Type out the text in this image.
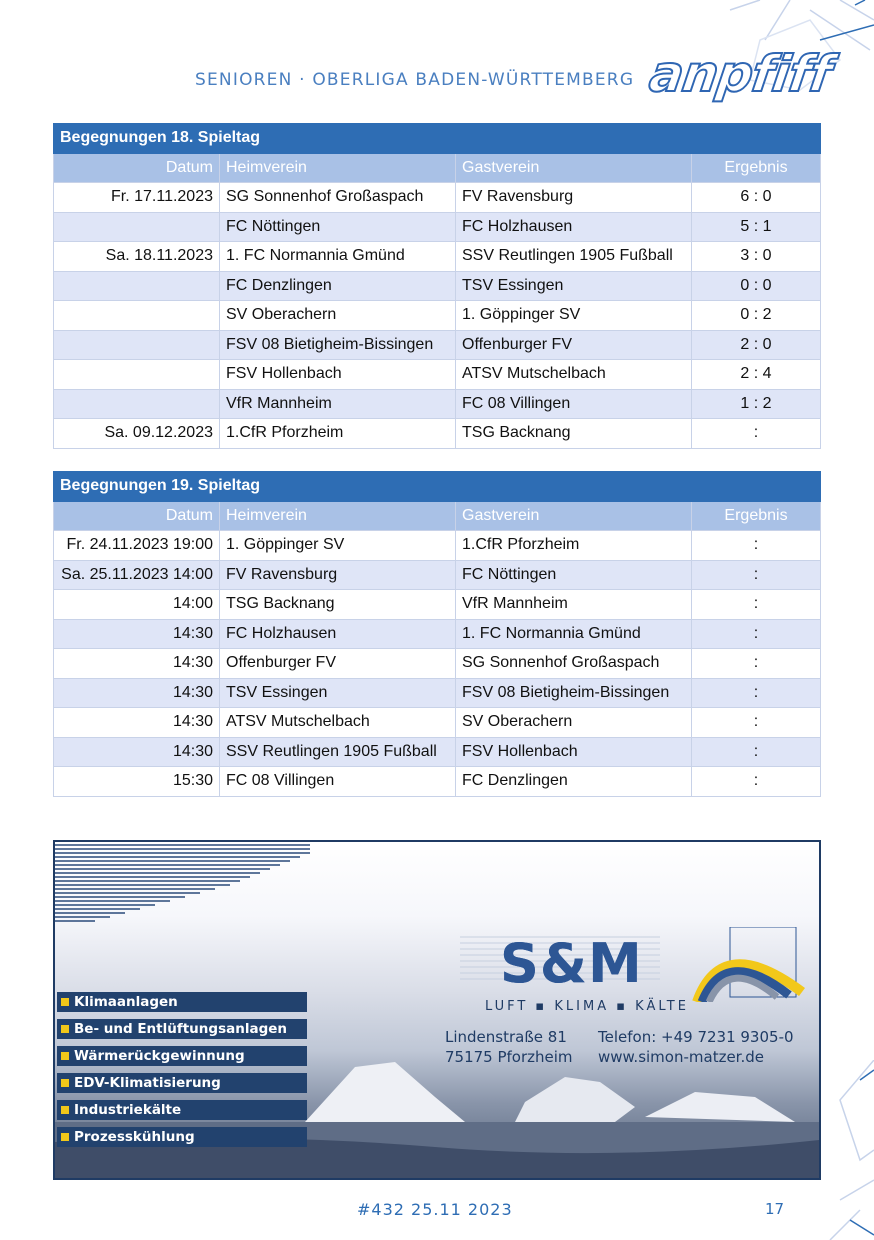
SENIOREN · OBERLIGA BADEN-WÜRTTEMBERG anpfiff
Begegnungen 18. Spieltag			
Datum	Heimverein	Gastverein	Ergebnis
Fr. 17.11.2023	SG Sonnenhof Großaspach	FV Ravensburg	6 : 0
	FC Nöttingen	FC Holzhausen	5 : 1
Sa. 18.11.2023	1. FC Normannia Gmünd	SSV Reutlingen 1905 Fußball	3 : 0
	FC Denzlingen	TSV Essingen	0 : 0
	SV Oberachern	1. Göppinger SV	0 : 2
	FSV 08 Bietigheim-Bissingen	Offenburger FV	2 : 0
	FSV Hollenbach	ATSV Mutschelbach	2 : 4
	VfR Mannheim	FC 08 Villingen	1 : 2
Sa. 09.12.2023	1.CfR Pforzheim	TSG Backnang	:
Begegnungen 19. Spieltag			
Datum	Heimverein	Gastverein	Ergebnis
Fr. 24.11.2023 19:00	1. Göppinger SV	1.CfR Pforzheim	:
Sa. 25.11.2023 14:00	FV Ravensburg	FC Nöttingen	:
14:00	TSG Backnang	VfR Mannheim	:
14:30	FC Holzhausen	1. FC Normannia Gmünd	:
14:30	Offenburger FV	SG Sonnenhof Großaspach	:
14:30	TSV Essingen	FSV 08 Bietigheim-Bissingen	:
14:30	ATSV Mutschelbach	SV Oberachern	:
14:30	SSV Reutlingen 1905 Fußball	FSV Hollenbach	:
15:30	FC 08 Villingen	FC Denzlingen	:
S&M
LUFT ▪ KLIMA ▪ KÄLTE
Lindenstraße 81
75175 Pforzheim
Telefon: +49 7231 9305-0
www.simon-matzer.de
Klimaanlagen
Be- und Entlüftungsanlagen
Wärmerückgewinnung
EDV-Klimatisierung
Industriekälte
Prozesskühlung
#432 25.11 2023	17
